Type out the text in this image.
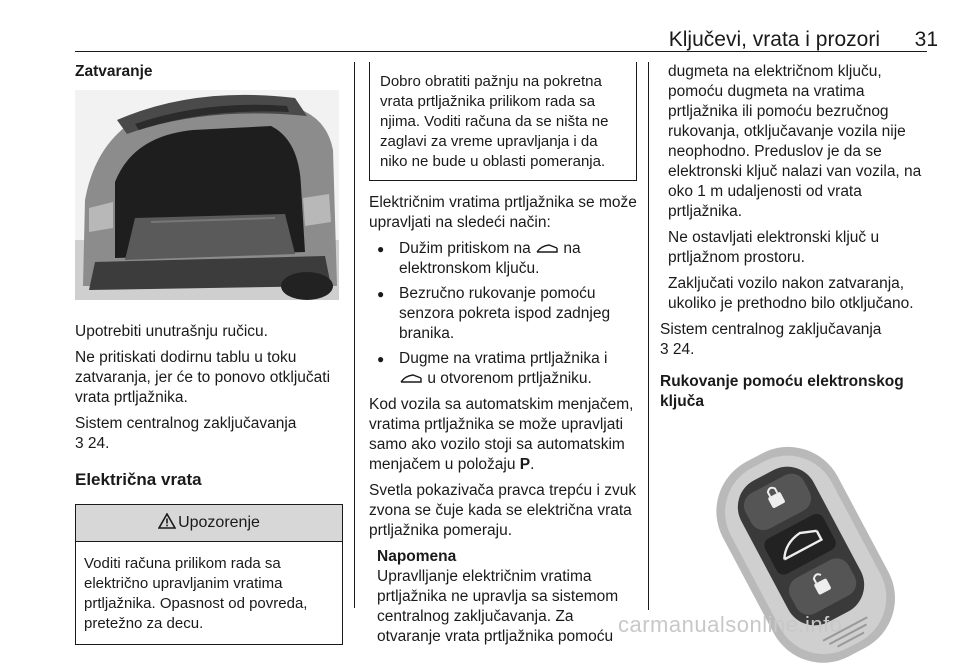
Ključevi, vrata i prozori	31
Zatvaranje

Upotrebiti unutrašnju ručicu.

Ne pritiskati dodirnu tablu u toku zatvaranja, jer će to ponovo otključati vrata prtljažnika.

Sistem centralnog zaključavanja
3 24.

Električna vrata
Upozorenje
Voditi računa prilikom rada sa električno upravljanim vratima prtljažnika. Opasnost od povreda, pretežno za decu.
Dobro obratiti pažnju na pokretna vrata prtljažnika prilikom rada sa njima. Voditi računa da se ništa ne zaglavi za vreme upravljanja i da niko ne bude u oblasti pomeranja.

Električnim vratima prtljažnika se može upravljati na sledeći način:

● Dužim pritiskom na na elektronskom ključu.
● Bezručno rukovanje pomoću senzora pokreta ispod zadnjeg branika.
● Dugme na vratima prtljažnika i
u otvorenom prtljažniku.

Kod vozila sa automatskim menjačem, vratima prtljažnika se može upravljati samo ako vozilo stoji sa automatskim menjačem u položaju P.

Svetla pokazivača pravca trepću i zvuk zvona se čuje kada se električna vrata prtljažnika pomeraju.

Napomena
Upravlljanje električnim vratima prtljažnika ne upravlja sa sistemom centralnog zaključavanja. Za otvaranje vrata prtljažnika pomoću

dugmeta na električnom ključu, pomoću dugmeta na vratima prtljažnika ili pomoću bezručnog rukovanja, otključavanje vozila nije neophodno. Preduslov je da se elektronski ključ nalazi van vozila, na oko 1 m udaljenosti od vrata prtljažnika.

Ne ostavljati elektronski ključ u prtljažnom prostoru.

Zaključati vozilo nakon zatvaranja, ukoliko je prethodno bilo otključano.

Sistem centralnog zaključavanja
3 24.

Rukovanje pomoću elektronskog ključa
carmanualsonline.info
